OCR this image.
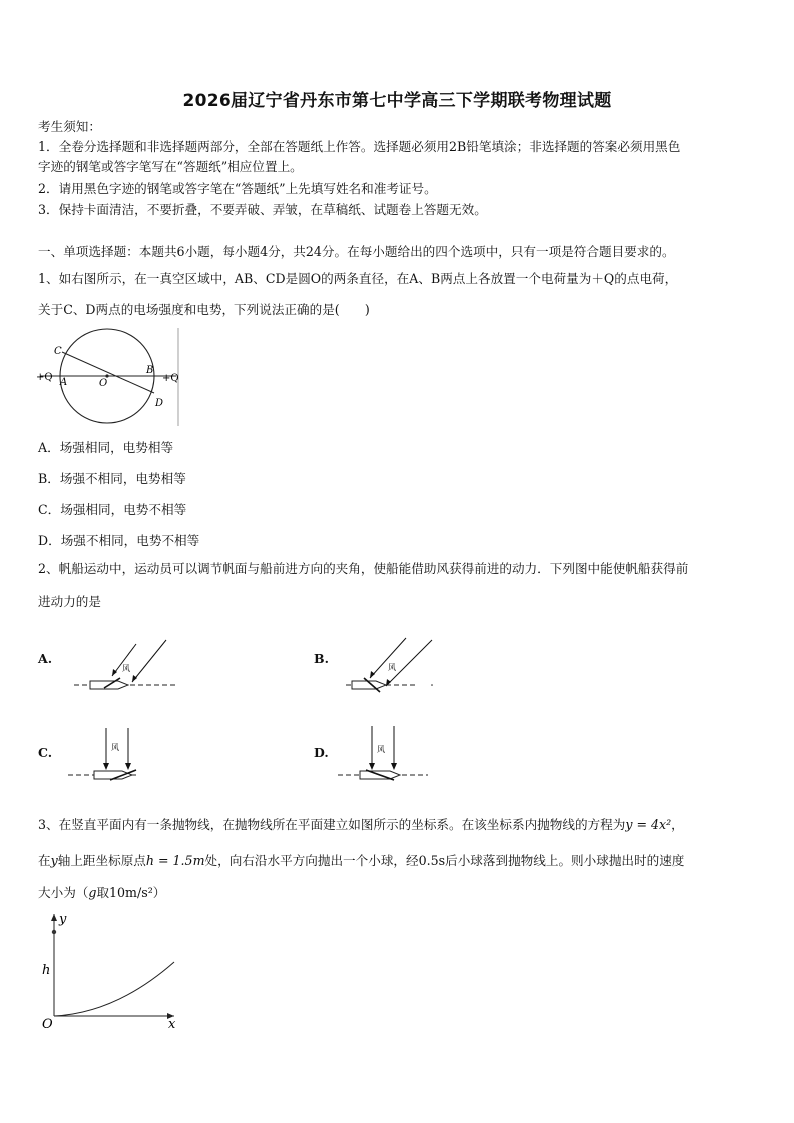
2026届辽宁省丹东市第七中学高三下学期联考物理试题
考生须知：
1．全卷分选择题和非选择题两部分，全部在答题纸上作答。选择题必须用2B铅笔填涂；非选择题的答案必须用黑色
字迹的钢笔或答字笔写在“答题纸”相应位置上。
2．请用黑色字迹的钢笔或答字笔在“答题纸”上先填写姓名和准考证号。
3．保持卡面清洁，不要折叠，不要弄破、弄皱，在草稿纸、试题卷上答题无效。
一、单项选择题：本题共6小题，每小题4分，共24分。在每小题给出的四个选项中，只有一项是符合题目要求的。
1、如右图所示，在一真空区域中，AB、CD是圆O的两条直径，在A、B两点上各放置一个电荷量为＋Q的点电荷，
关于C、D两点的电场强度和电势，下列说法正确的是(　　)
C
A	O
B
D
+Q	+Q
A．场强相同，电势相等
B．场强不相同，电势相等
C．场强相同，电势不相等
D．场强不相同，电势不相等
2、帆船运动中，运动员可以调节帆面与船前进方向的夹角，使船能借助风获得前进的动力．下列图中能使帆船获得前
进动力的是
A.
风
B.
风
C.	风	D.	风
3、在竖直平面内有一条抛物线，在抛物线所在平面建立如图所示的坐标系。在该坐标系内抛物线的方程为y = 4x²，
在y轴上距坐标原点h = 1.5m处，向右沿水平方向抛出一个小球，经0.5s后小球落到抛物线上。则小球抛出时的速度
大小为（g取10m/s²）
y
h
O	x
